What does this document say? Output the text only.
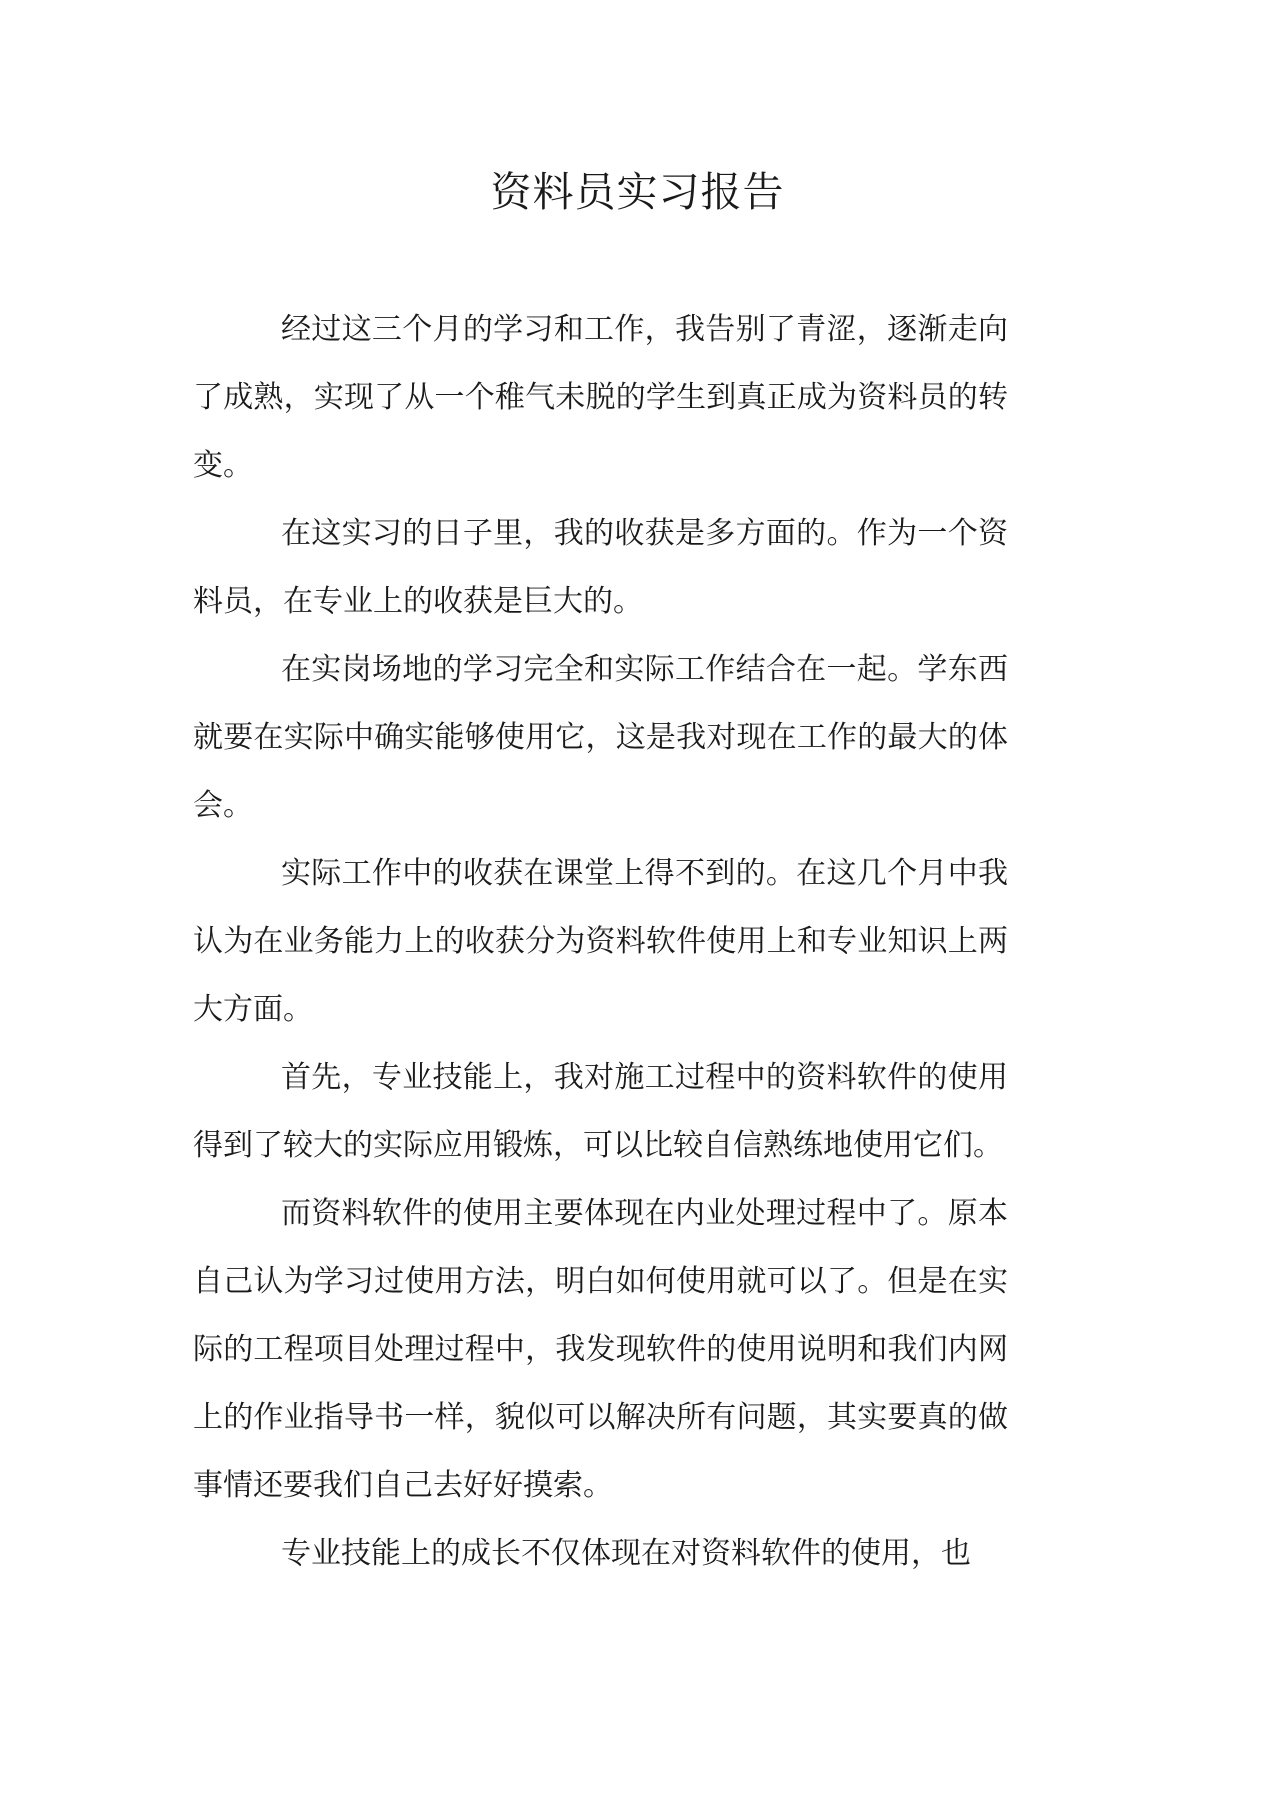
资料员实习报告

经过这三个月的学习和工作，我告别了青涩，逐渐走向了成熟，实现了从一个稚气未脱的学生到真正成为资料员的转变。

在这实习的日子里，我的收获是多方面的。作为一个资料员，在专业上的收获是巨大的。

在实岗场地的学习完全和实际工作结合在一起。学东西就要在实际中确实能够使用它，这是我对现在工作的最大的体会。

实际工作中的收获在课堂上得不到的。在这几个月中我认为在业务能力上的收获分为资料软件使用上和专业知识上两大方面。

首先，专业技能上，我对施工过程中的资料软件的使用得到了较大的实际应用锻炼，可以比较自信熟练地使用它们。

而资料软件的使用主要体现在内业处理过程中了。原本自己认为学习过使用方法，明白如何使用就可以了。但是在实际的工程项目处理过程中，我发现软件的使用说明和我们内网上的作业指导书一样，貌似可以解决所有问题，其实要真的做事情还要我们自己去好好摸索。

专业技能上的成长不仅体现在对资料软件的使用，也
